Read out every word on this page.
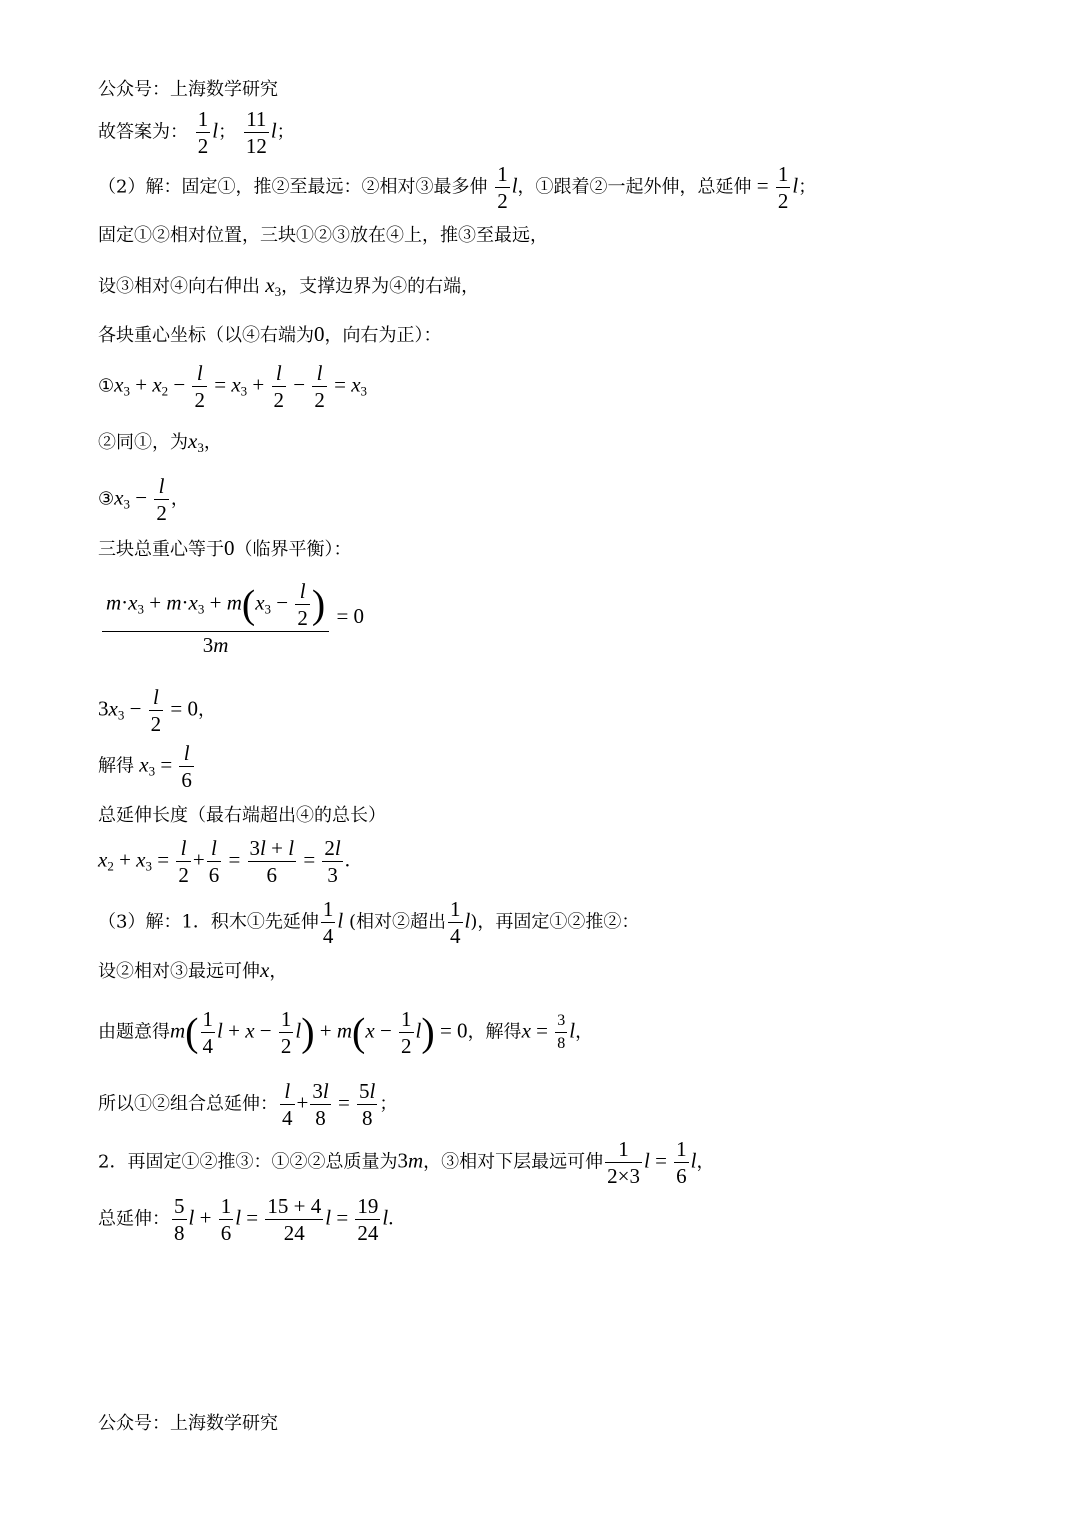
公众号：上海数学研究
故答案为： $\frac{1}{2}$ l； $\frac{11}{12}$ l；
（2）解：固定①，推②至最远：②相对③最多伸 $\frac{1}{2}$ l，①跟着②一起外伸，总延伸 = $\frac{1}{2}$ l；
固定①②相对位置，三块①②③放在④上，推③至最远，
设③相对④向右伸出 $x_3$，支撑边界为④的右端，
各块重心坐标（以④右端为0，向右为正）：
$①x_3 + x_2 - \frac{l}{2} = x_3 + \frac{l}{2} - \frac{l}{2} = x_3$
②同①，为$x_3$，
$③x_3 - \frac{l}{2}$ ，
三块总重心等于0（临界平衡）：
$\frac{m\cdot x_3 + m\cdot x_3 + m(x_3 - \frac{l}{2} )}{3m} = 0$
$3x_3 - \frac{l}{2} = 0$，
解得 $x_3 = \frac{l}{6}$
总延伸长度（最右端超出④的总长）
$x_2 + x_3 = \frac{l}{2} + \frac{l}{6} = \frac{3l + l}{6} = \frac{2l}{3}$ .
（3）解：1．积木①先延伸 $\frac{1}{4}$ l (相对②超出 $\frac{1}{4} l$)，再固定①②推②：
设②相对③最远可伸x，
由题意得$m( \frac{1}{4}$ $l + x - \frac{1}{2} l) + m(x - \frac{1}{2} l) = 0$，解得$x = \frac{3}{8}$ l，
所以①②组合总延伸： $\frac{l}{4} + \frac{3l}{8} = \frac{5l}{8}$ ；
2．再固定①②推③：①②②总质量为3m，③相对下层最远可伸 $\frac{1}{2\times 3}$ $l = \frac{1}{6}$ l，
总延伸： $\frac{5}{8}$ $l + \frac{1}{6}$ $l = \frac{15 + 4}{24}$ $l = \frac{19}{24} l$.
公众号：上海数学研究
